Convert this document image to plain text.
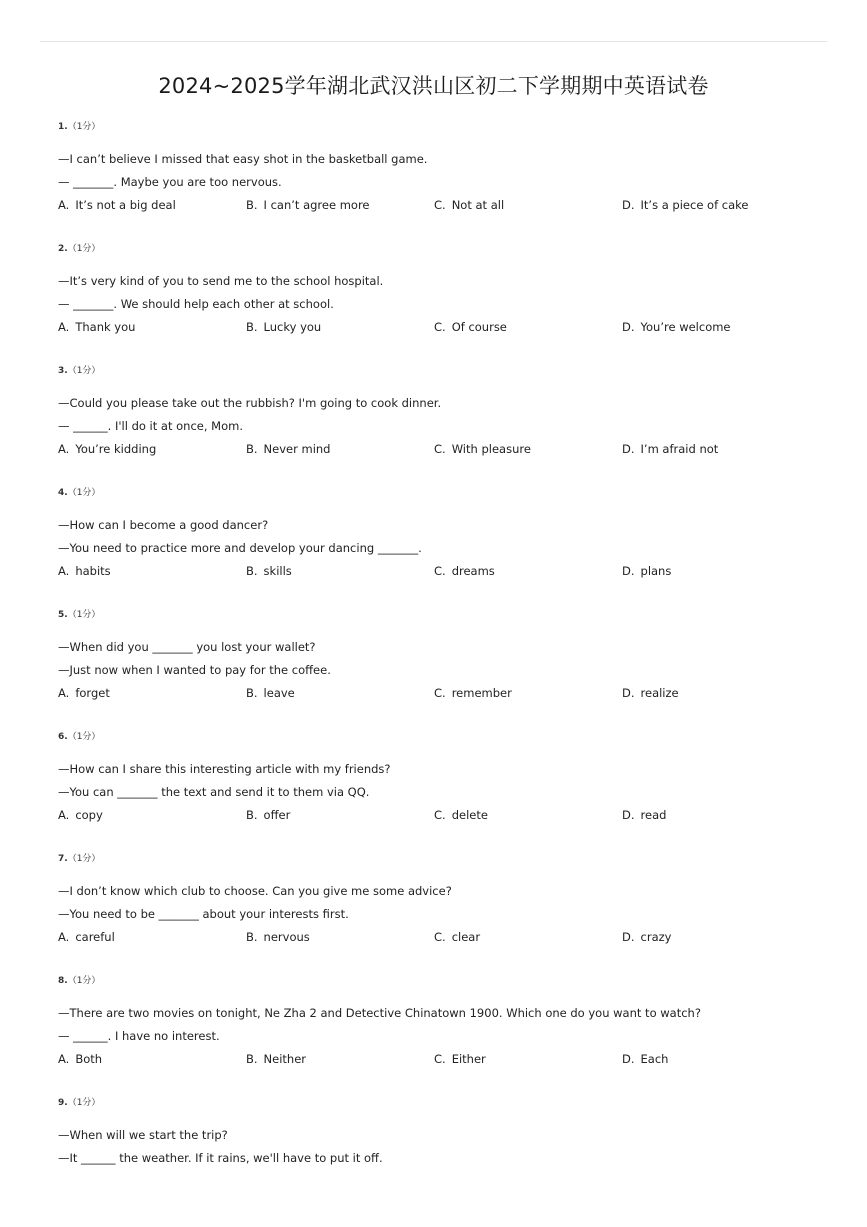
2024~2025学年湖北武汉洪山区初二下学期期中英语试卷
1.（1分）
—I can’t believe I missed that easy shot in the basketball game.
— _______. Maybe you are too nervous.
A. It’s not a big deal	B. I can’t agree more	C. Not at all	D. It’s a piece of cake
2.（1分）
—It’s very kind of you to send me to the school hospital.
— _______. We should help each other at school.
A. Thank you	B. Lucky you	C. Of course	D. You’re welcome
3.（1分）
—Could you please take out the rubbish? I'm going to cook dinner.
— ______. I'll do it at once, Mom.
A. You’re kidding	B. Never mind	C. With pleasure	D. I’m afraid not
4.（1分）
—How can I become a good dancer?
—You need to practice more and develop your dancing _______.
A. habits	B. skills	C. dreams	D. plans
5.（1分）
—When did you _______ you lost your wallet?
—Just now when I wanted to pay for the coffee.
A. forget	B. leave	C. remember	D. realize
6.（1分）
—How can I share this interesting article with my friends?
—You can _______ the text and send it to them via QQ.
A. copy	B. offer	C. delete	D. read
7.（1分）
—I don’t know which club to choose. Can you give me some advice?
—You need to be _______ about your interests first.
A. careful	B. nervous	C. clear	D. crazy
8.（1分）
—There are two movies on tonight, Ne Zha 2 and Detective Chinatown 1900. Which one do you want to watch?
— ______. I have no interest.
A. Both	B. Neither	C. Either	D. Each
9.（1分）
—When will we start the trip?
—It ______ the weather. If it rains, we'll have to put it off.
